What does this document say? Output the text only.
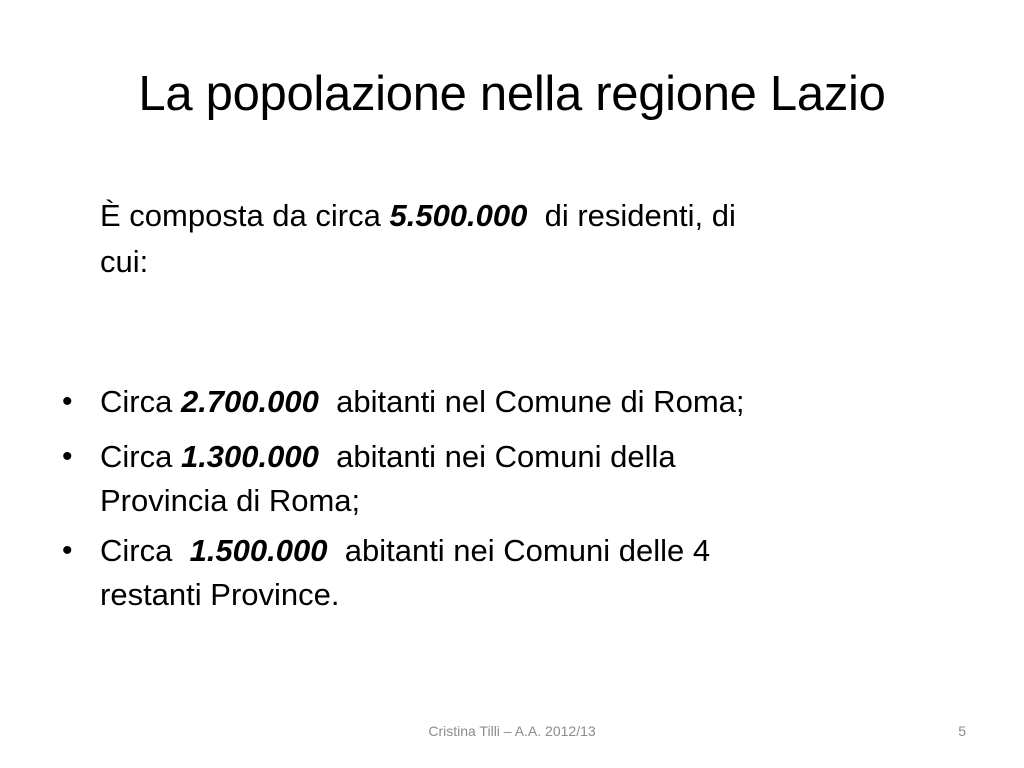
La popolazione nella regione Lazio

È composta da circa 5.500.000  di residenti, di
cui:

• Circa 2.700.000  abitanti nel Comune di Roma;
• Circa 1.300.000  abitanti nei Comuni della
Provincia di Roma;
• Circa  1.500.000  abitanti nei Comuni delle 4
restanti Province.
Cristina Tilli – A.A. 2012/13	5
